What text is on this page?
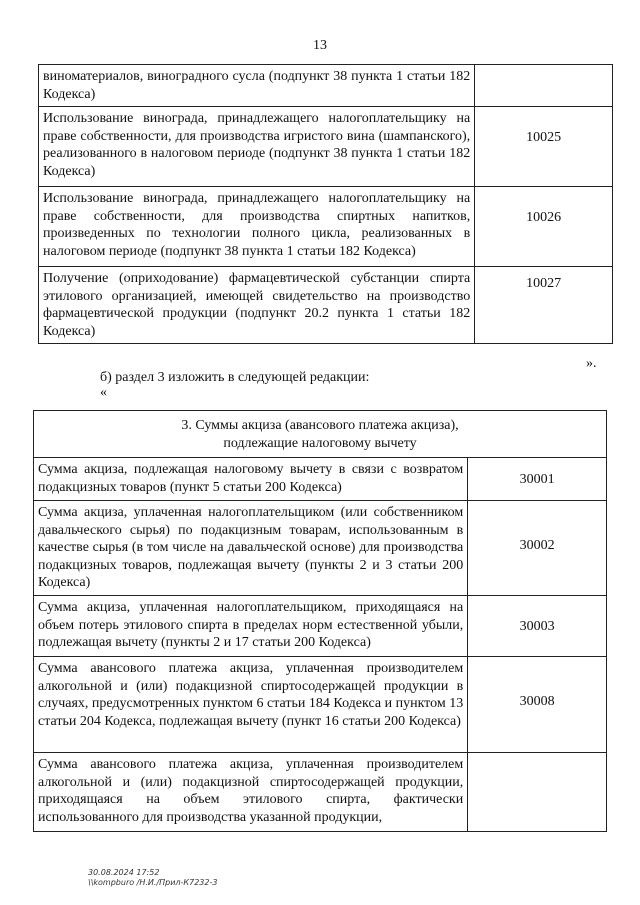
13
виноматериалов, виноградного сусла (подпункт 38 пункта 1 статьи 182 Кодекса)	
Использование винограда, принадлежащего налогоплательщику на праве собственности, для производства игристого вина (шампанского), реализованного в налоговом периоде (подпункт 38 пункта 1 статьи 182 Кодекса)	10025
Использование винограда, принадлежащего налогоплательщику на праве собственности, для производства спиртных напитков, произведенных по технологии полного цикла, реализованных в налоговом периоде (подпункт 38 пункта 1 статьи 182 Кодекса)	10026
Получение (оприходование) фармацевтической субстанции спирта этилового организацией, имеющей свидетельство на производство фармацевтической продукции (подпункт 20.2 пункта 1 статьи 182 Кодекса)	10027
».
б) раздел 3 изложить в следующей редакции:
«
3. Суммы акциза (авансового платежа акциза), подлежащие налоговому вычету	

Сумма акциза, подлежащая налоговому вычету в связи с возвратом подакцизных товаров (пункт 5 статьи 200 Кодекса)	30001
Сумма акциза, уплаченная налогоплательщиком (или собственником давальческого сырья) по подакцизным товарам, использованным в качестве сырья (в том числе на давальческой основе) для производства подакцизных товаров, подлежащая вычету (пункты 2 и 3 статьи 200 Кодекса)	30002
Сумма акциза, уплаченная налогоплательщиком, приходящаяся на объем потерь этилового спирта в пределах норм естественной убыли, подлежащая вычету (пункты 2 и 17 статьи 200 Кодекса)	30003
Сумма авансового платежа акциза, уплаченная производителем алкогольной и (или) подакцизной спиртосодержащей продукции в случаях, предусмотренных пунктом 6 статьи 184 Кодекса и пунктом 13 статьи 204 Кодекса, подлежащая вычету (пункт 16 статьи 200 Кодекса)	30008
Сумма авансового платежа акциза, уплаченная производителем алкогольной и (или) подакцизной спиртосодержащей продукции, приходящаяся на объем этилового спирта, фактически использованного для производства указанной продукции,	
30.08.2024 17:52
\\kompburo /Н.И./Прил-К7232-3
